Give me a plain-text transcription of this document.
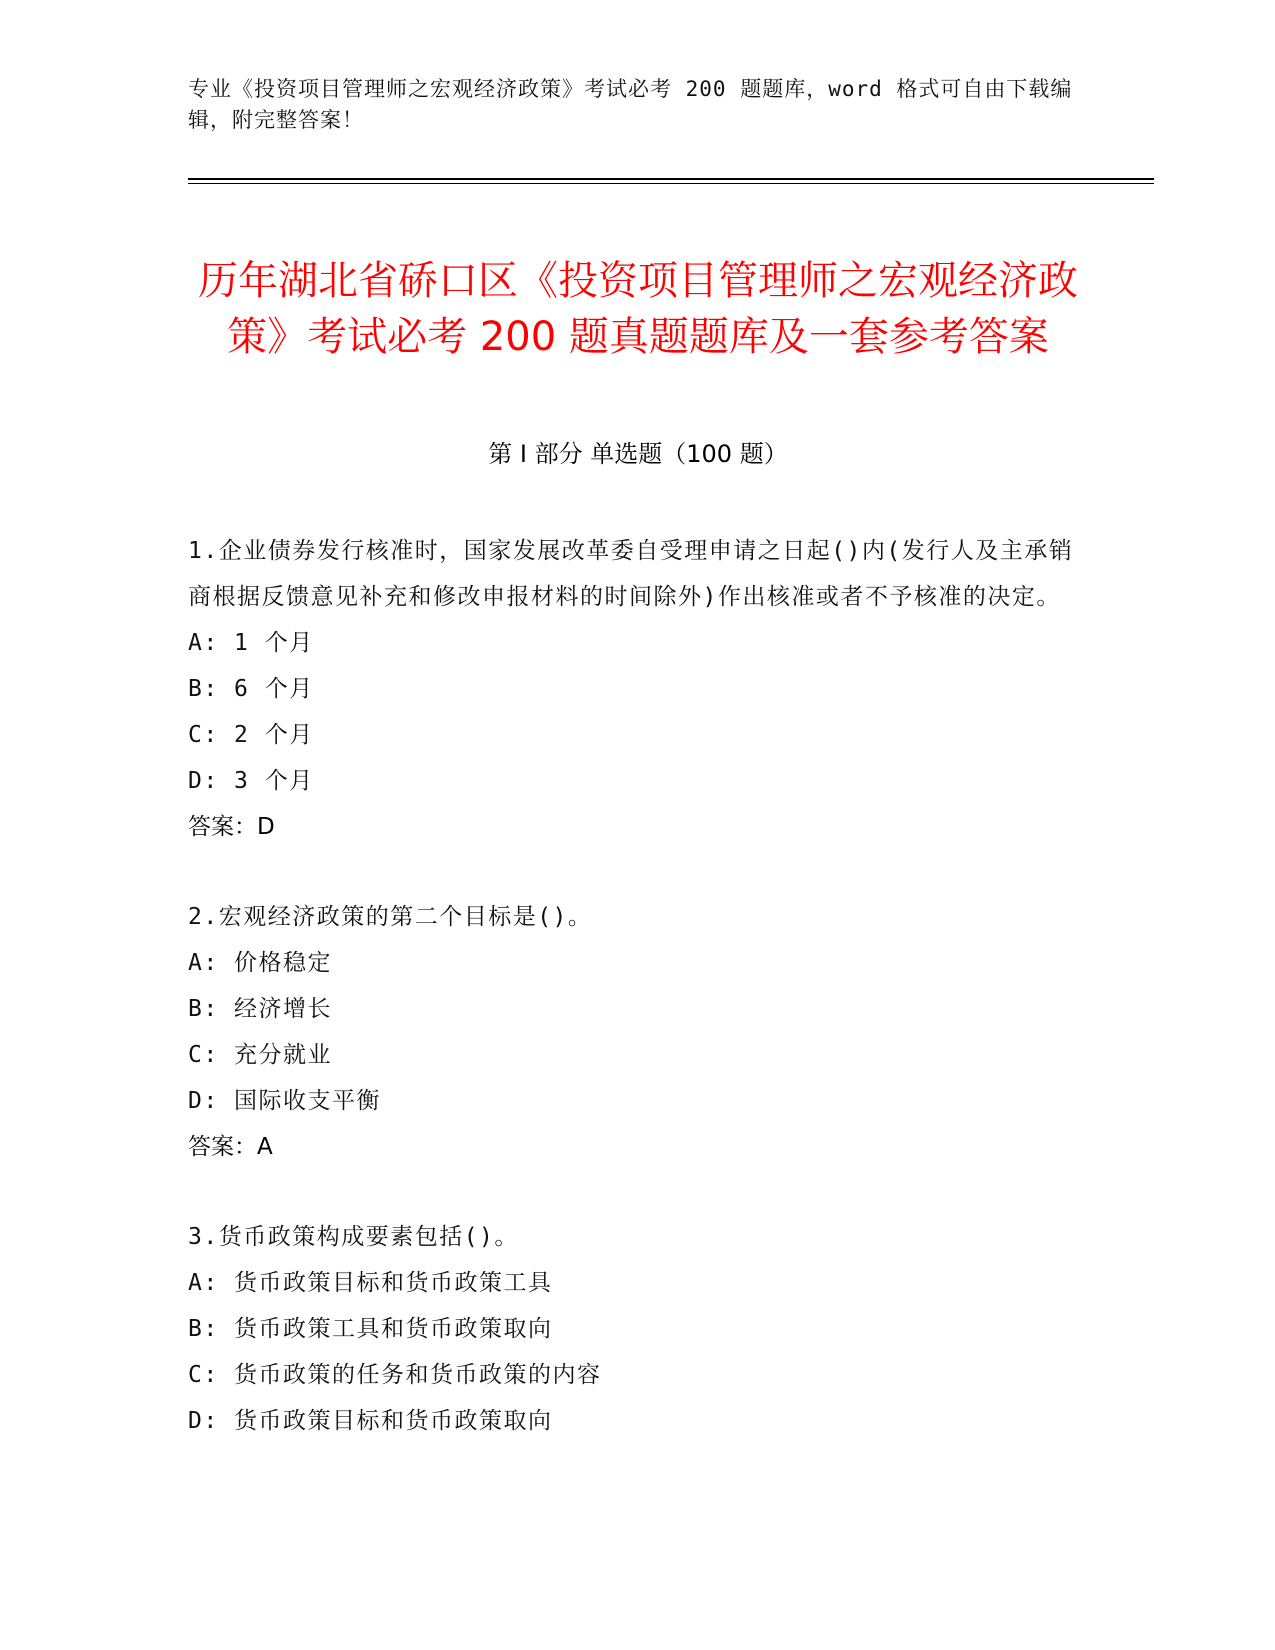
专业《投资项目管理师之宏观经济政策》考试必考 200 题题库，word 格式可自由下载编辑，附完整答案！
历年湖北省硚口区《投资项目管理师之宏观经济政策》考试必考 200 题真题题库及一套参考答案
第 I 部分 单选题（100 题）

1.企业债券发行核准时，国家发展改革委自受理申请之日起()内(发行人及主承销商根据反馈意见补充和修改申报材料的时间除外)作出核准或者不予核准的决定。

A: 1 个月

B: 6 个月

C: 2 个月

D: 3 个月

答案：D

2.宏观经济政策的第二个目标是()。

A: 价格稳定

B: 经济增长

C: 充分就业

D: 国际收支平衡

答案：A

3.货币政策构成要素包括()。

A: 货币政策目标和货币政策工具

B: 货币政策工具和货币政策取向

C: 货币政策的任务和货币政策的内容

D: 货币政策目标和货币政策取向
